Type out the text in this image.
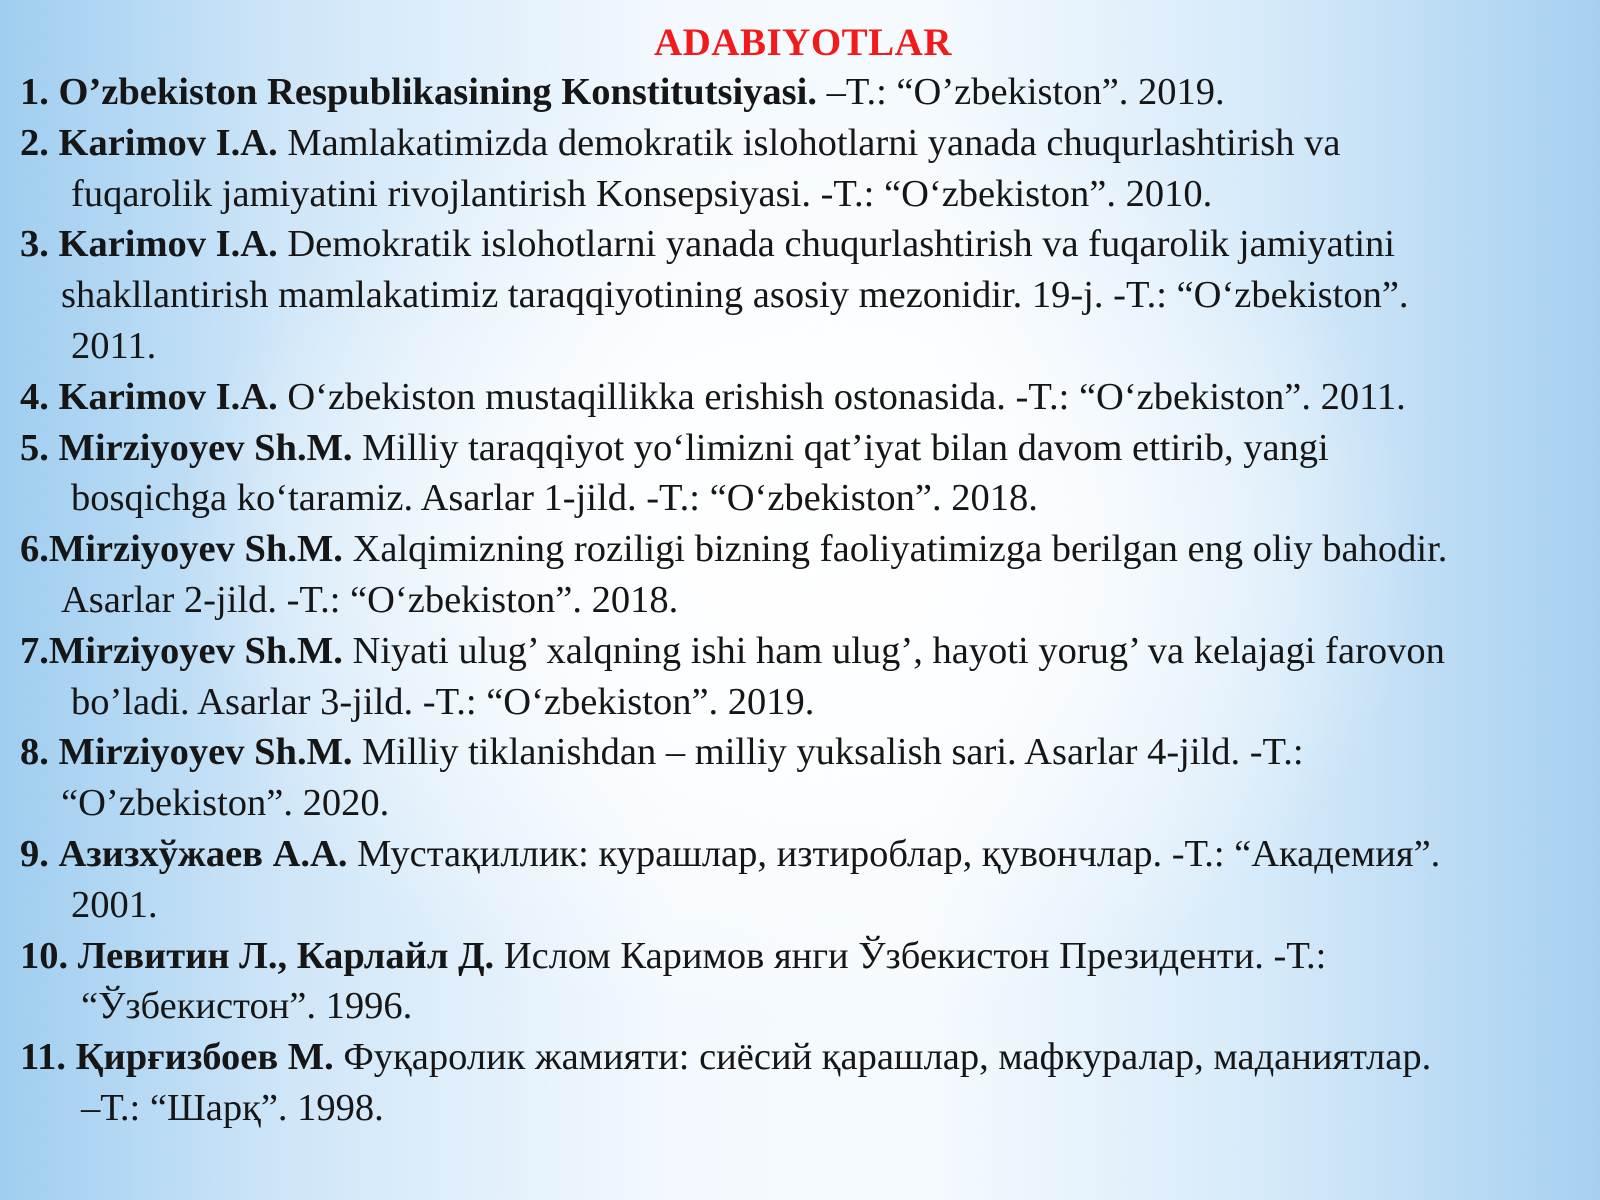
ADABIYOTLAR
1. O’zbekiston Respublikasining Konstitutsiyasi. –T.: “O’zbekiston”. 2019.
2. Karimov I.A. Mamlakatimizda demokratik islohotlarni yanada chuqurlashtirish va
fuqarolik jamiyatini rivojlantirish Konsepsiyasi. -T.: “O‘zbekiston”. 2010.
3. Karimov I.A. Demokratik islohotlarni yanada chuqurlashtirish va fuqarolik jamiyatini
shakllantirish mamlakatimiz taraqqiyotining asosiy mezonidir. 19-j. -T.: “O‘zbekiston”.
2011.
4. Karimov I.A. O‘zbekiston mustaqillikka erishish ostonasida. -T.: “O‘zbekiston”. 2011.
5. Mirziyoyev Sh.M. Milliy taraqqiyot yo‘limizni qat’iyat bilan davom ettirib, yangi
bosqichga ko‘taramiz. Asarlar 1-jild. -T.: “O‘zbekiston”. 2018.
6.Mirziyoyev Sh.M. Xalqimizning roziligi bizning faoliyatimizga berilgan eng oliy bahodir.
Asarlar 2-jild. -T.: “O‘zbekiston”. 2018.
7.Mirziyoyev Sh.M. Niyati ulug’ xalqning ishi ham ulug’, hayoti yorug’ va kelajagi farovon
bo’ladi. Asarlar 3-jild. -T.: “O‘zbekiston”. 2019.
8. Mirziyoyev Sh.M. Milliy tiklanishdan – milliy yuksalish sari. Asarlar 4-jild. -T.:
“O’zbekiston”. 2020.
9. Азизхўжаев А.А. Мустақиллик: курашлар, изтироблар, қувончлар. -Т.: “Академия”.
2001.
10. Левитин Л., Карлайл Д. Ислом Каримов янги Ўзбекистон Президенти. -Т.:
“Ўзбекистон”. 1996.
11. Қирғизбоев М. Фуқаролик жамияти: сиёсий қарашлар, мафкуралар, маданиятлар.
–Т.: “Шарқ”. 1998.
